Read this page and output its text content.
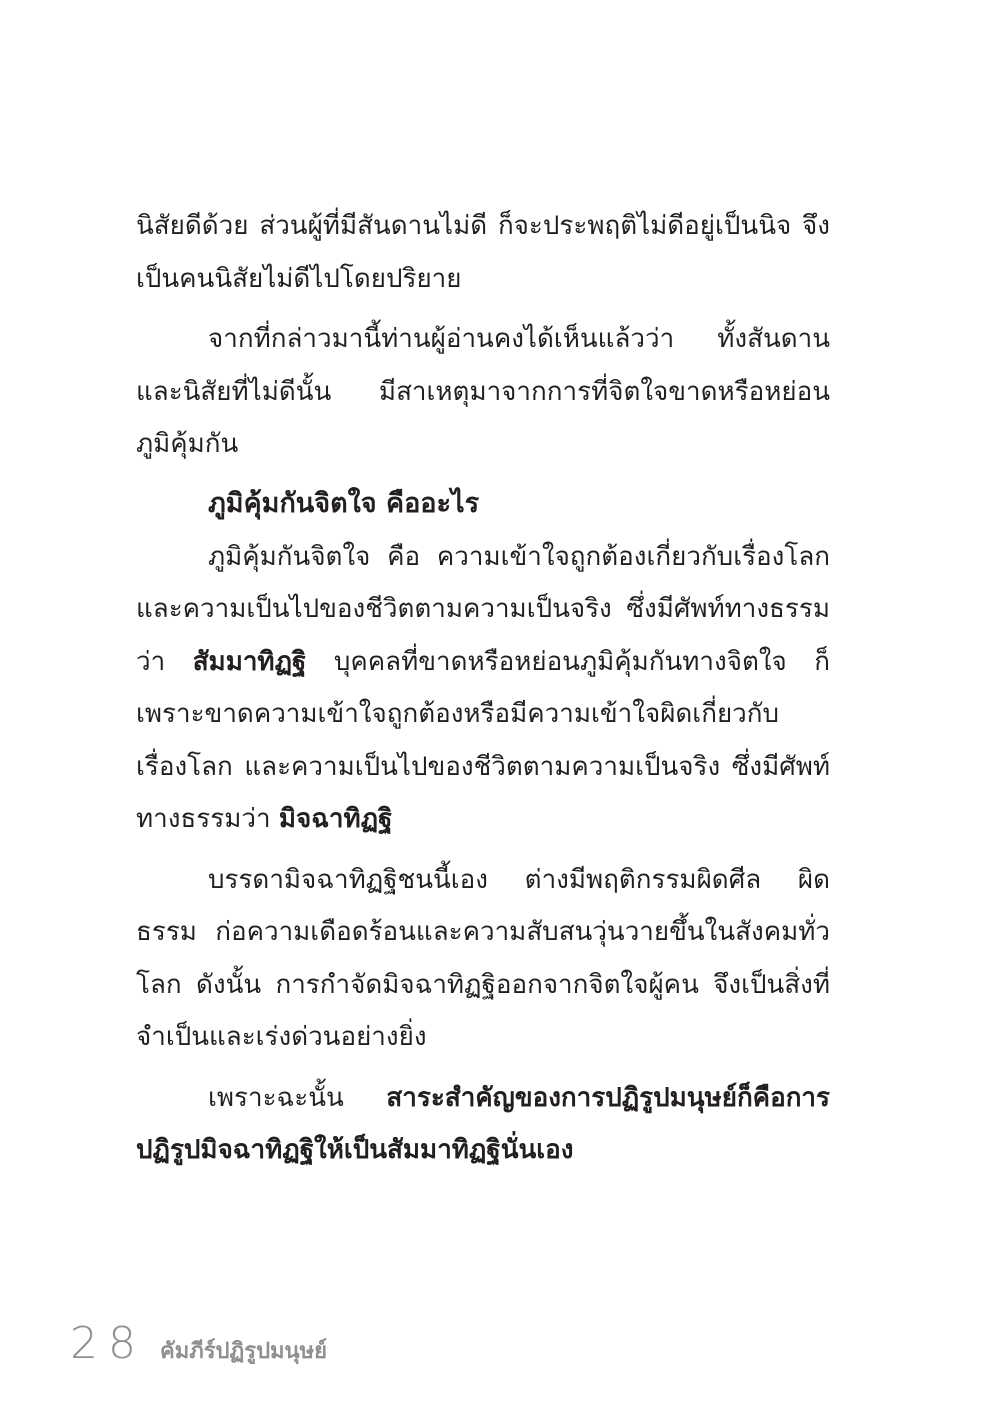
นิสัยดีด้วย ส่วนผู้ที่มีสันดานไม่ดี ก็จะประพฤติไม่ดีอยู่เป็นนิจ จึงเป็นคนนิสัยไม่ดีไปโดยปริยาย

จากที่กล่าวมานี้ท่านผู้อ่านคงได้เห็นแล้วว่า ทั้งสันดานและนิสัยที่ไม่ดีนั้น มีสาเหตุมาจากการที่จิตใจขาดหรือหย่อนภูมิคุ้มกัน

ภูมิคุ้มกันจิตใจ คืออะไร

ภูมิคุ้มกันจิตใจ คือ ความเข้าใจถูกต้องเกี่ยวกับเรื่องโลกและความเป็นไปของชีวิตตามความเป็นจริง ซึ่งมีศัพท์ทางธรรมว่า สัมมาทิฏฐิ บุคคลที่ขาดหรือหย่อนภูมิคุ้มกันทางจิตใจ ก็เพราะขาดความเข้าใจถูกต้องหรือมีความเข้าใจผิดเกี่ยวกับเรื่องโลก และความเป็นไปของชีวิตตามความเป็นจริง ซึ่งมีศัพท์ทางธรรมว่า มิจฉาทิฏฐิ

บรรดามิจฉาทิฏฐิชนนี้เอง ต่างมีพฤติกรรมผิดศีล ผิดธรรม ก่อความเดือดร้อนและความสับสนวุ่นวายขึ้นในสังคมทั่วโลก ดังนั้น การกำจัดมิจฉาทิฏฐิออกจากจิตใจผู้คน จึงเป็นสิ่งที่จำเป็นและเร่งด่วนอย่างยิ่ง

เพราะฉะนั้น สาระสำคัญของการปฏิรูปมนุษย์ก็คือการปฏิรูปมิจฉาทิฏฐิให้เป็นสัมมาทิฏฐินั่นเอง

28 คัมภีร์ปฏิรูปมนุษย์
